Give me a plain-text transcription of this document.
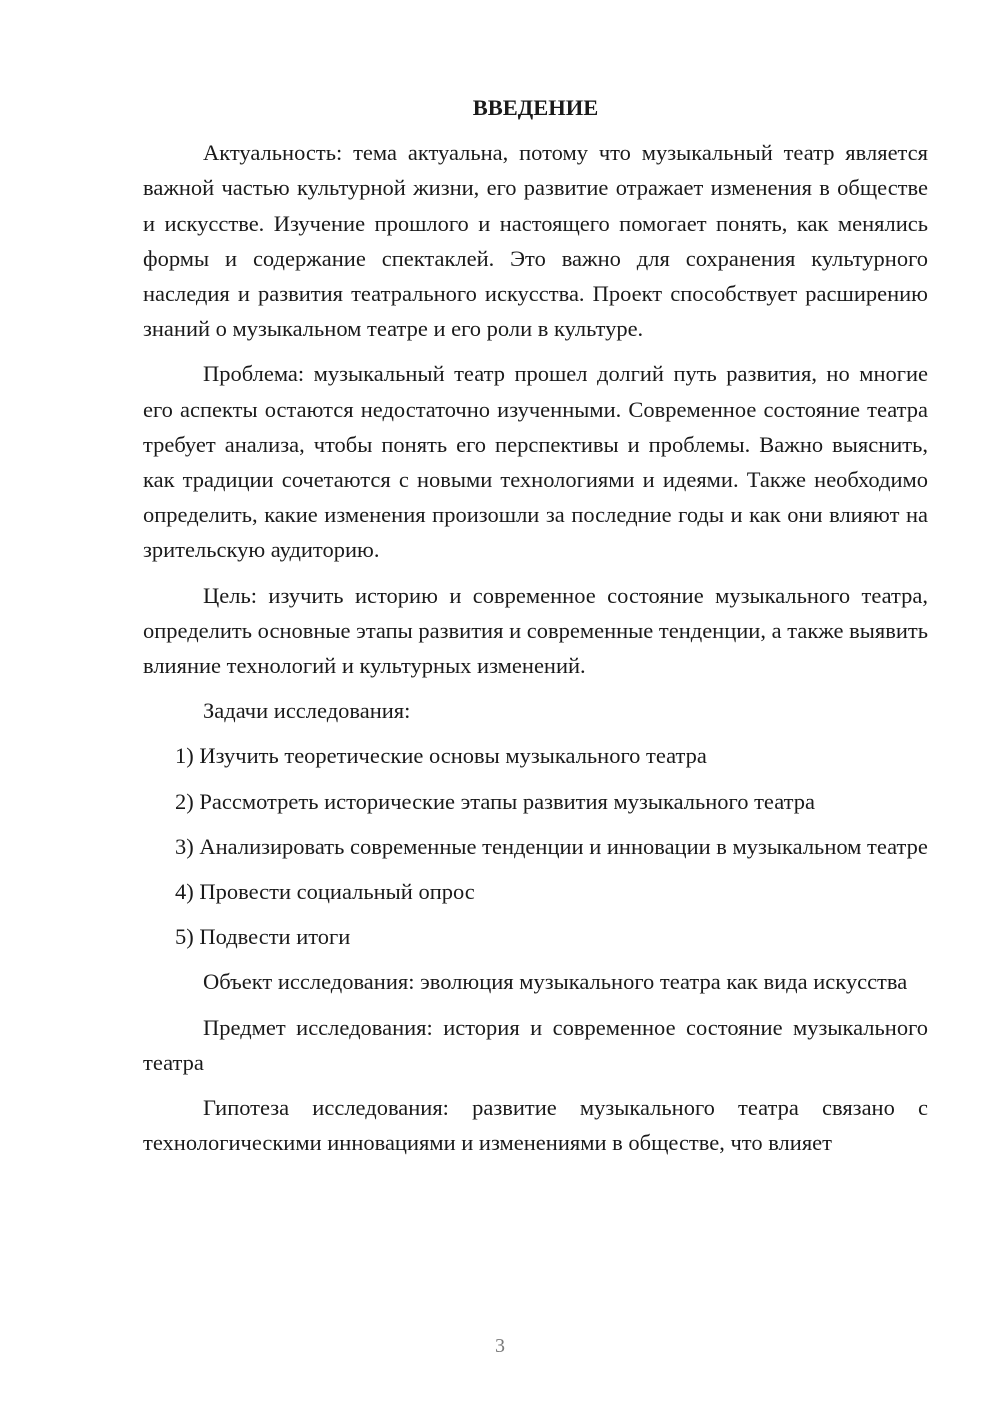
ВВЕДЕНИЕ

Актуальность: тема актуальна, потому что музыкальный театр является важной частью культурной жизни, его развитие отражает изменения в обществе и искусстве. Изучение прошлого и настоящего помогает понять, как менялись формы и содержание спектаклей. Это важно для сохранения культурного наследия и развития театрального искусства. Проект способствует расширению знаний о музыкальном театре и его роли в культуре.

Проблема: музыкальный театр прошел долгий путь развития, но многие его аспекты остаются недостаточно изученными. Современное состояние театра требует анализа, чтобы понять его перспективы и проблемы. Важно выяснить, как традиции сочетаются с новыми технологиями и идеями. Также необходимо определить, какие изменения произошли за последние годы и как они влияют на зрительскую аудиторию.

Цель: изучить историю и современное состояние музыкального театра, определить основные этапы развития и современные тенденции, а также выявить влияние технологий и культурных изменений.

Задачи исследования:

1) Изучить теоретические основы музыкального театра

2) Рассмотреть исторические этапы развития музыкального театра

3) Анализировать современные тенденции и инновации в музыкальном театре

4) Провести социальный опрос

5) Подвести итоги

Объект исследования: эволюция музыкального театра как вида искусства

Предмет исследования: история и современное состояние музыкального театра

Гипотеза исследования: развитие музыкального театра связано с технологическими инновациями и изменениями в обществе, что влияет

3
